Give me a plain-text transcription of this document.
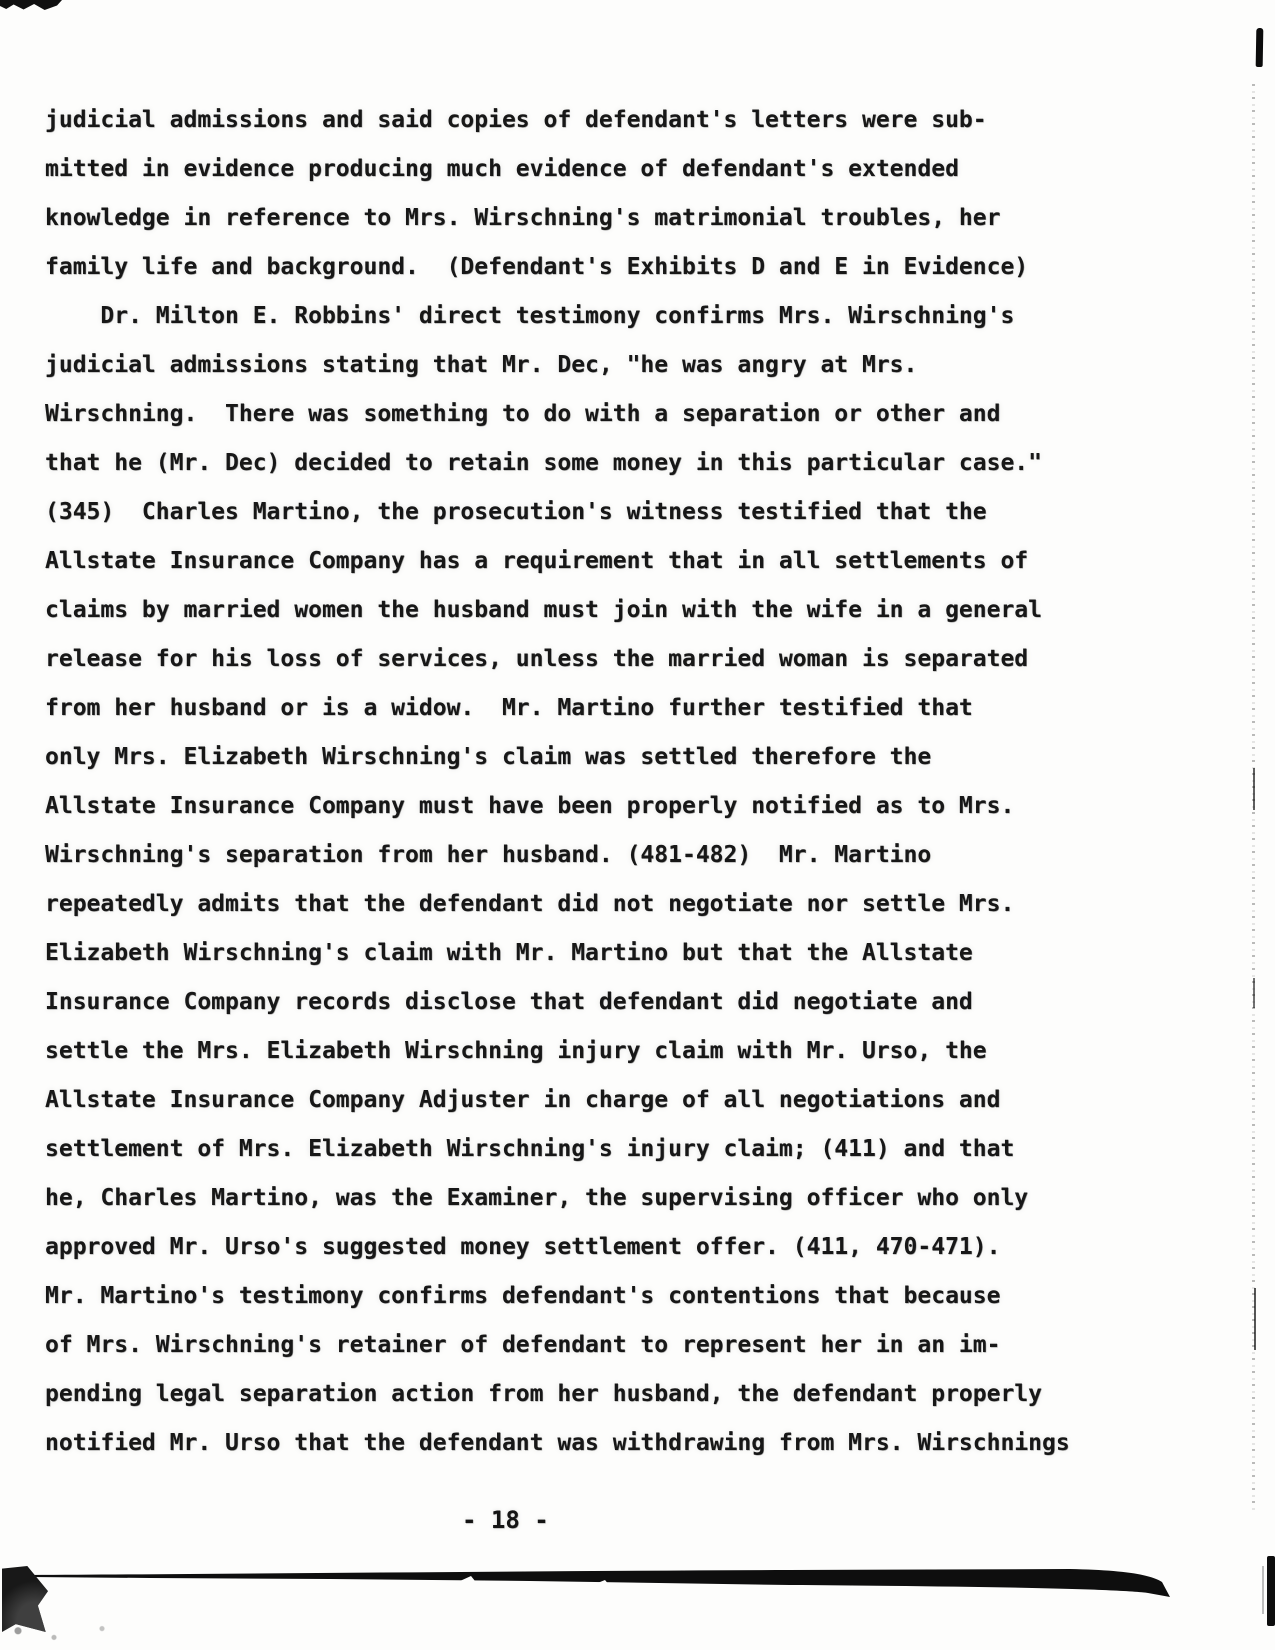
judicial admissions and said copies of defendant's letters were sub-
mitted in evidence producing much evidence of defendant's extended
knowledge in reference to Mrs. Wirschning's matrimonial troubles, her
family life and background.  (Defendant's Exhibits D and E in Evidence)
Dr. Milton E. Robbins' direct testimony confirms Mrs. Wirschning's
judicial admissions stating that Mr. Dec, "he was angry at Mrs.
Wirschning.  There was something to do with a separation or other and
that he (Mr. Dec) decided to retain some money in this particular case."
(345)  Charles Martino, the prosecution's witness testified that the
Allstate Insurance Company has a requirement that in all settlements of
claims by married women the husband must join with the wife in a general
release for his loss of services, unless the married woman is separated
from her husband or is a widow.  Mr. Martino further testified that
only Mrs. Elizabeth Wirschning's claim was settled therefore the
Allstate Insurance Company must have been properly notified as to Mrs.
Wirschning's separation from her husband. (481-482)  Mr. Martino
repeatedly admits that the defendant did not negotiate nor settle Mrs.
Elizabeth Wirschning's claim with Mr. Martino but that the Allstate
Insurance Company records disclose that defendant did negotiate and
settle the Mrs. Elizabeth Wirschning injury claim with Mr. Urso, the
Allstate Insurance Company Adjuster in charge of all negotiations and
settlement of Mrs. Elizabeth Wirschning's injury claim; (411) and that
he, Charles Martino, was the Examiner, the supervising officer who only
approved Mr. Urso's suggested money settlement offer. (411, 470-471).
Mr. Martino's testimony confirms defendant's contentions that because
of Mrs. Wirschning's retainer of defendant to represent her in an im-
pending legal separation action from her husband, the defendant properly
notified Mr. Urso that the defendant was withdrawing from Mrs. Wirschnings
- 18 -
